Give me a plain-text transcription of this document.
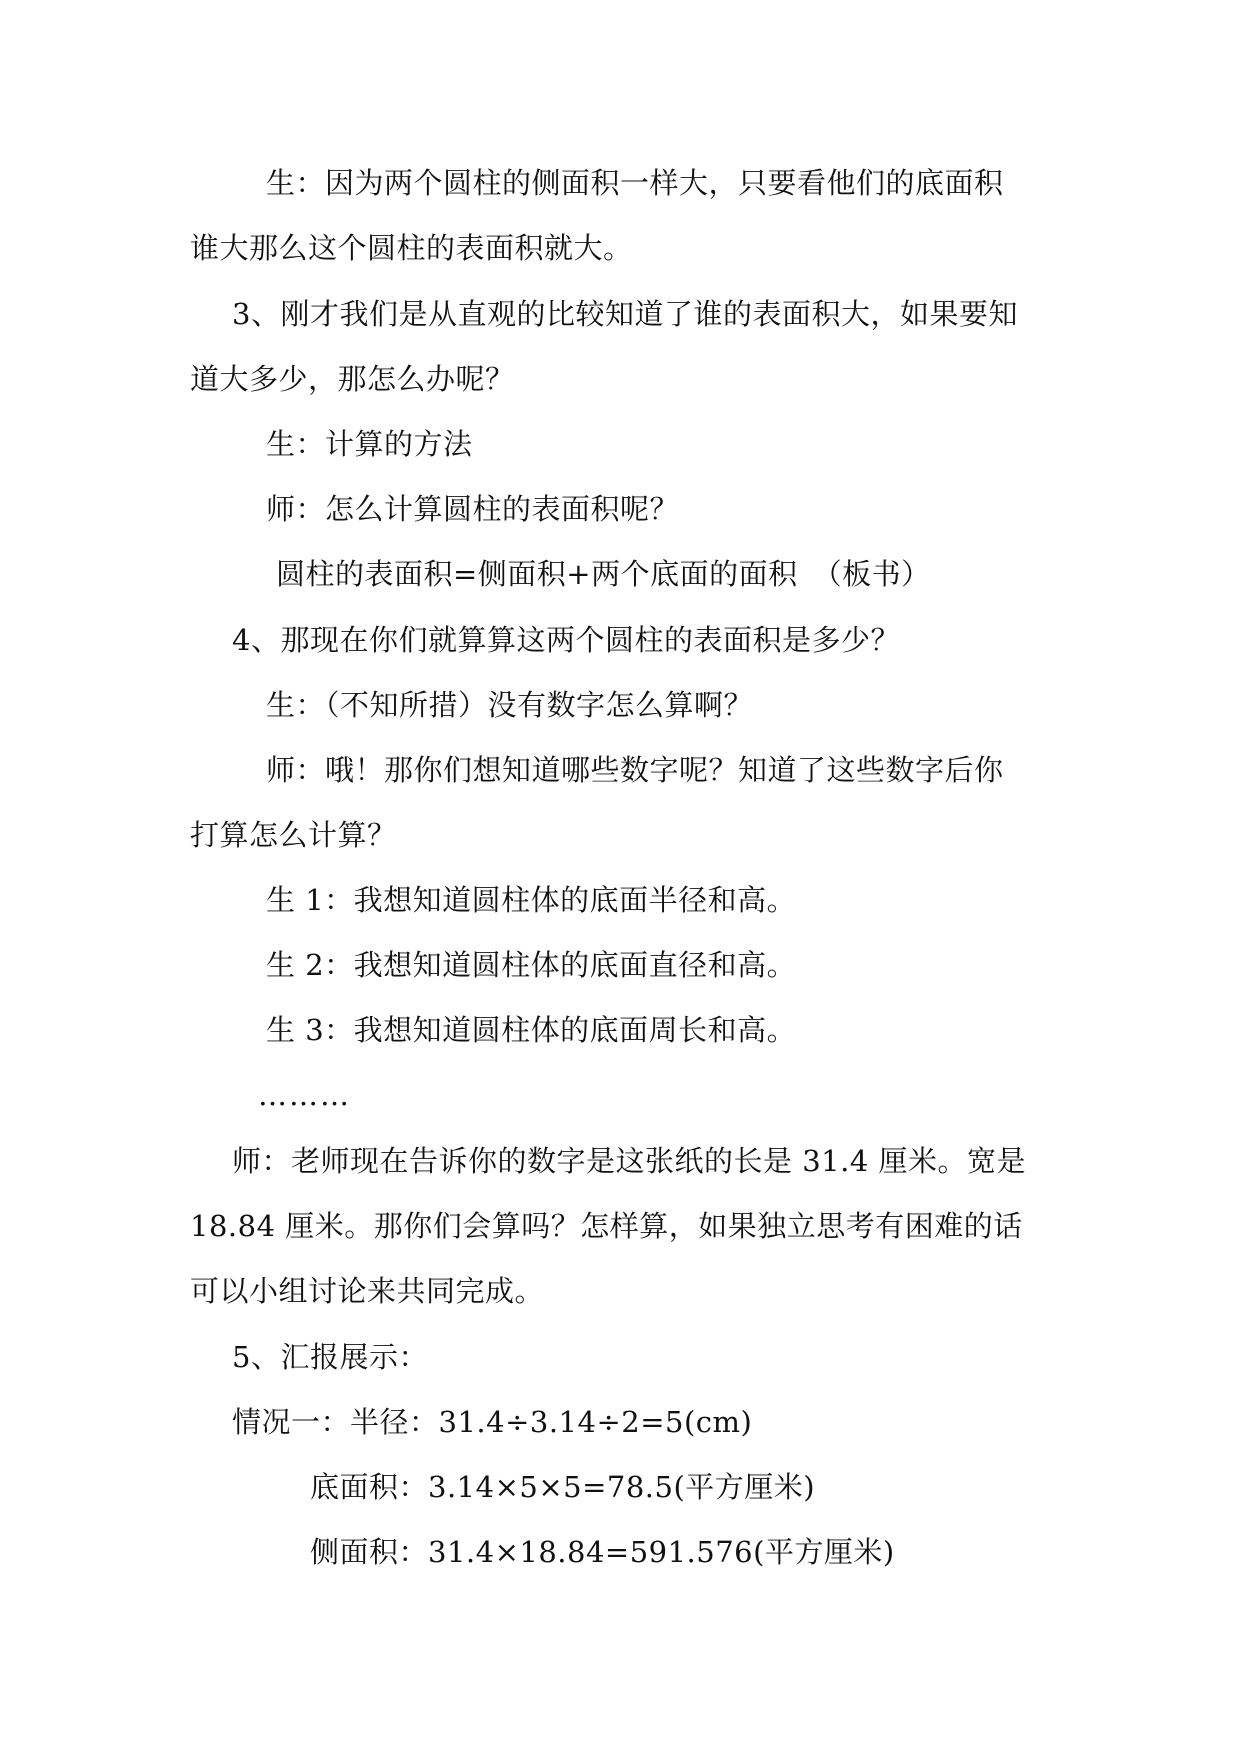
生：因为两个圆柱的侧面积一样大，只要看他们的底面积
谁大那么这个圆柱的表面积就大。
3、刚才我们是从直观的比较知道了谁的表面积大，如果要知
道大多少，那怎么办呢？
生：计算的方法
师：怎么计算圆柱的表面积呢？
圆柱的表面积=侧面积+两个底面的面积　（板书）
4、那现在你们就算算这两个圆柱的表面积是多少？
生：（不知所措）没有数字怎么算啊？
师：哦！那你们想知道哪些数字呢？知道了这些数字后你
打算怎么计算？
生 1：我想知道圆柱体的底面半径和高。
生 2：我想知道圆柱体的底面直径和高。
生 3：我想知道圆柱体的底面周长和高。
………
师：老师现在告诉你的数字是这张纸的长是 31.4 厘米。宽是
18.84 厘米。那你们会算吗？怎样算，如果独立思考有困难的话
可以小组讨论来共同完成。
5、汇报展示：
情况一：半径：31.4÷3.14÷2=5(cm)
底面积：3.14×5×5=78.5(平方厘米)
侧面积：31.4×18.84=591.576(平方厘米)
